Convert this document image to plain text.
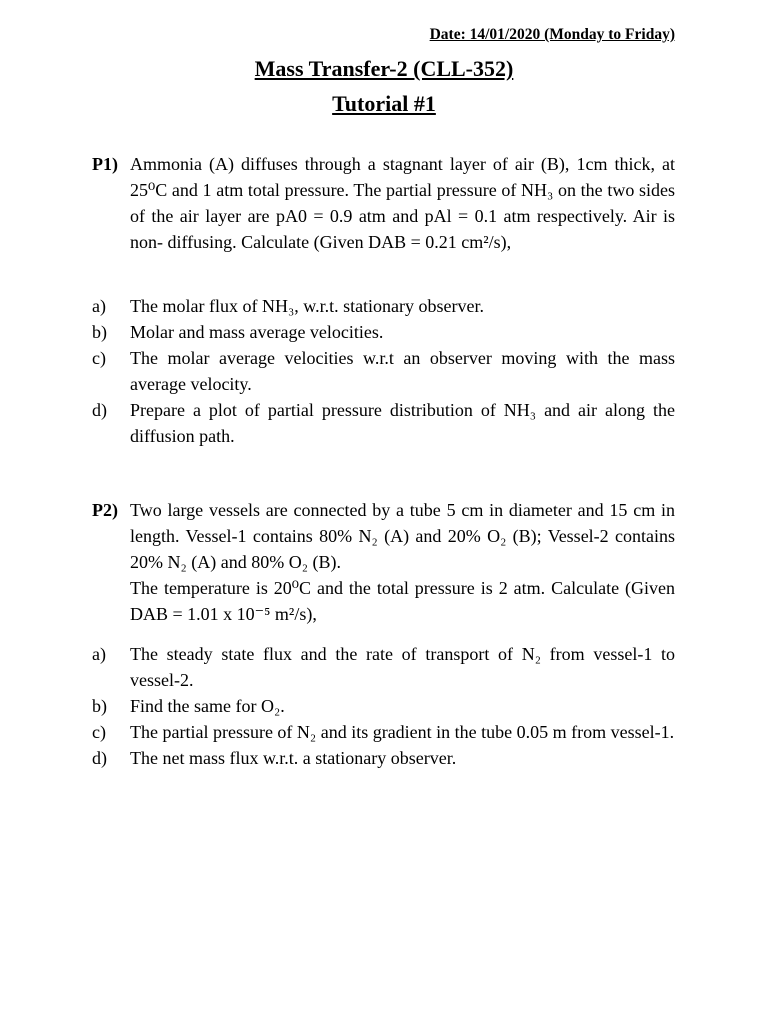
Date: 14/01/2020 (Monday to Friday)
Mass Transfer-2 (CLL-352)
Tutorial #1
P1) Ammonia (A) diffuses through a stagnant layer of air (B), 1cm thick, at 25⁰C and 1 atm total pressure. The partial pressure of NH₃ on the two sides of the air layer are pA0 = 0.9 atm and pAl = 0.1 atm respectively. Air is non- diffusing. Calculate (Given DAB = 0.21 cm²/s),
a) The molar flux of NH₃, w.r.t. stationary observer.
b) Molar and mass average velocities.
c) The molar average velocities w.r.t an observer moving with the mass average velocity.
d) Prepare a plot of partial pressure distribution of NH₃ and air along the diffusion path.
P2) Two large vessels are connected by a tube 5 cm in diameter and 15 cm in length. Vessel-1 contains 80% N₂ (A) and 20% O₂ (B); Vessel-2 contains 20% N₂ (A) and 80% O₂ (B).
The temperature is 20⁰C and the total pressure is 2 atm. Calculate (Given DAB = 1.01 x 10⁻⁵ m²/s),
a) The steady state flux and the rate of transport of N₂ from vessel-1 to vessel-2.
b) Find the same for O₂.
c) The partial pressure of N₂ and its gradient in the tube 0.05 m from vessel-1.
d) The net mass flux w.r.t. a stationary observer.
